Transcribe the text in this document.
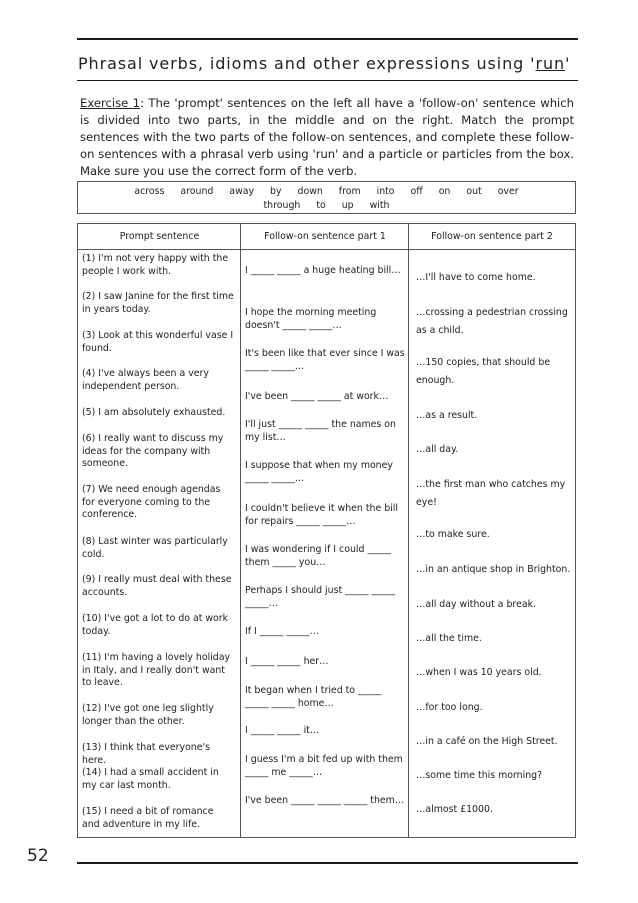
Phrasal verbs, idioms and other expressions using 'run'
Exercise 1: The 'prompt' sentences on the left all have a 'follow-on' sentence which is divided into two parts, in the middle and on the right. Match the prompt sentences with the two parts of the follow-on sentences, and complete these follow-on sentences with a phrasal verb using 'run' and a particle or particles from the box. Make sure you use the correct form of the verb.
across around away by down from into off on out over
through to up with
Prompt sentence	Follow-on sentence part 1	Follow-on sentence part 2
(1) I'm not very happy with the people I work with.
(2) I saw Janine for the first time in years today.
(3) Look at this wonderful vase I found.
(4) I've always been a very independent person.
(5) I am absolutely exhausted.
(6) I really want to discuss my ideas for the company with someone.
(7) We need enough agendas for everyone coming to the conference.
(8) Last winter was particularly cold.
(9) I really must deal with these accounts.
(10) I've got a lot to do at work today.
(11) I'm having a lovely holiday in Italy, and I really don't want to leave.
(12) I've got one leg slightly longer than the other.
(13) I think that everyone's here.
(14) I had a small accident in my car last month.
(15) I need a bit of romance and adventure in my life.
I _____ _____ a huge heating bill…
I hope the morning meeting doesn't _____ _____…
It's been like that ever since I was _____ _____…
I've been _____ _____ at work…
I'll just _____ _____ the names on my list…
I suppose that when my money _____ _____…
I couldn't believe it when the bill for repairs _____ _____…
I was wondering if I could _____ them _____ you…
Perhaps I should just _____ _____ _____…
If I _____ _____…
I _____ _____ her…
It began when I tried to _____ _____ _____ home…
I _____ _____ it…
I guess I'm a bit fed up with them _____ me _____…
I've been _____ _____ _____ them…
…I'll have to come home.
…crossing a pedestrian crossing as a child.
…150 copies, that should be enough.
…as a result.
…all day.
…the first man who catches my eye!
…to make sure.
…in an antique shop in Brighton.
…all day without a break.
…all the time.
…when I was 10 years old.
…for too long.
…in a café on the High Street.
…some time this morning?
…almost £1000.
52
